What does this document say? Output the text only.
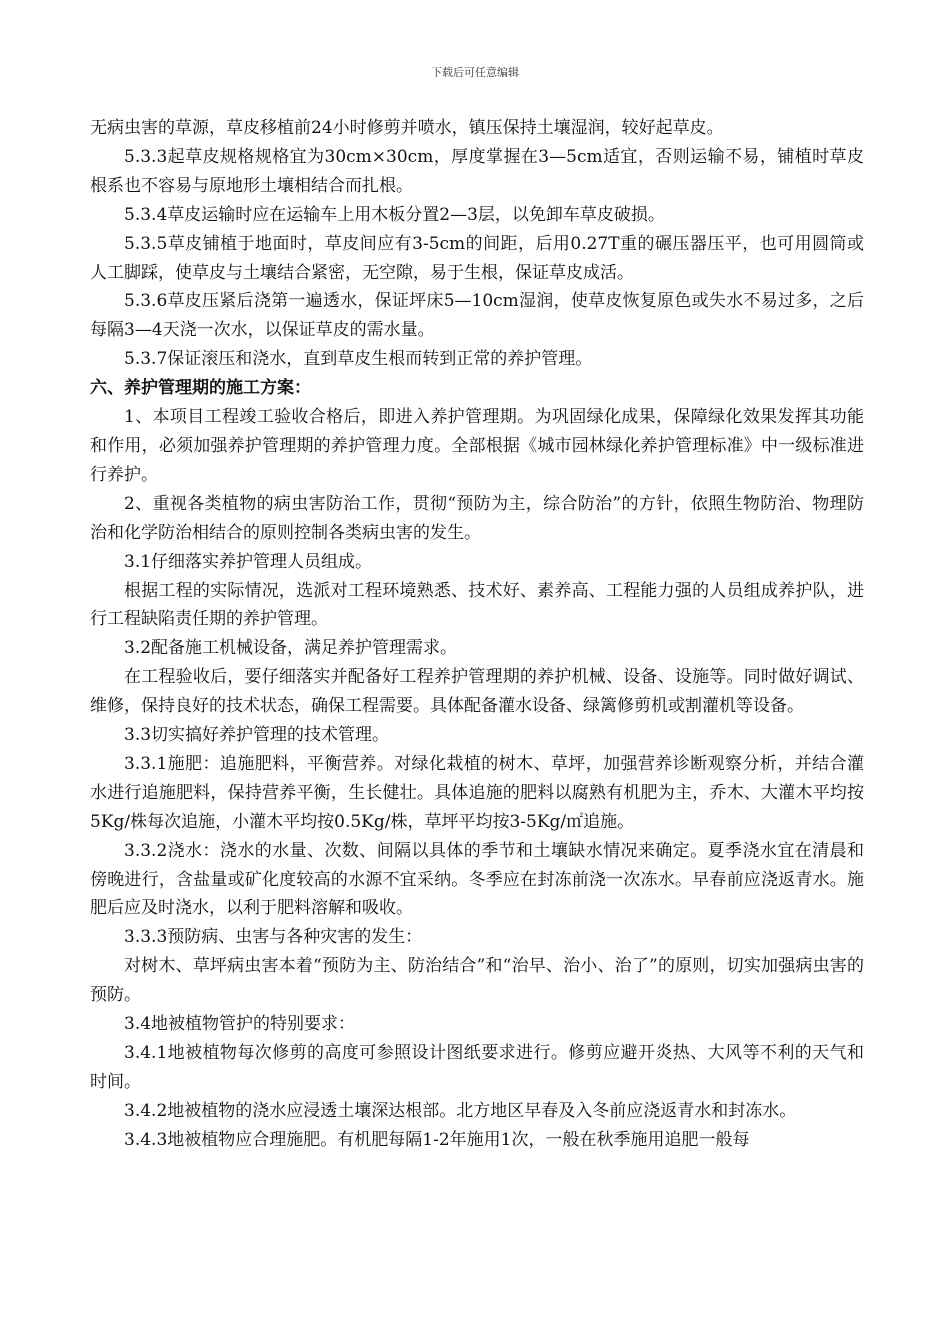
下载后可任意编辑

无病虫害的草源，草皮移植前24小时修剪并喷水，镇压保持土壤湿润，较好起草皮。

5.3.3起草皮规格规格宜为30cm×30cm，厚度掌握在3—5cm适宜，否则运输不易，铺植时草皮根系也不容易与原地形土壤相结合而扎根。

5.3.4草皮运输时应在运输车上用木板分置2—3层，以免卸车草皮破损。

5.3.5草皮铺植于地面时，草皮间应有3-5cm的间距，后用0.27T重的碾压器压平，也可用圆筒或人工脚踩，使草皮与土壤结合紧密，无空隙，易于生根，保证草皮成活。

5.3.6草皮压紧后浇第一遍透水，保证坪床5—10cm湿润，使草皮恢复原色或失水不易过多，之后每隔3—4天浇一次水，以保证草皮的需水量。

5.3.7保证滚压和浇水，直到草皮生根而转到正常的养护管理。

六、养护管理期的施工方案：

1、本项目工程竣工验收合格后，即进入养护管理期。为巩固绿化成果，保障绿化效果发挥其功能和作用，必须加强养护管理期的养护管理力度。全部根据《城市园林绿化养护管理标准》中一级标准进行养护。

2、重视各类植物的病虫害防治工作，贯彻“预防为主，综合防治”的方针，依照生物防治、物理防治和化学防治相结合的原则控制各类病虫害的发生。

3.1仔细落实养护管理人员组成。

根据工程的实际情况，选派对工程环境熟悉、技术好、素养高、工程能力强的人员组成养护队，进行工程缺陷责任期的养护管理。

3.2配备施工机械设备，满足养护管理需求。

在工程验收后，要仔细落实并配备好工程养护管理期的养护机械、设备、设施等。同时做好调试、维修，保持良好的技术状态，确保工程需要。具体配备灌水设备、绿篱修剪机或割灌机等设备。

3.3切实搞好养护管理的技术管理。

3.3.1施肥：追施肥料，平衡营养。对绿化栽植的树木、草坪，加强营养诊断观察分析，并结合灌水进行追施肥料，保持营养平衡，生长健壮。具体追施的肥料以腐熟有机肥为主，乔木、大灌木平均按5Kg/株每次追施，小灌木平均按0.5Kg/株，草坪平均按3-5Kg/㎡追施。

3.3.2浇水：浇水的水量、次数、间隔以具体的季节和土壤缺水情况来确定。夏季浇水宜在清晨和傍晚进行，含盐量或矿化度较高的水源不宜采纳。冬季应在封冻前浇一次冻水。早春前应浇返青水。施肥后应及时浇水，以利于肥料溶解和吸收。

3.3.3预防病、虫害与各种灾害的发生：

对树木、草坪病虫害本着“预防为主、防治结合”和“治早、治小、治了”的原则，切实加强病虫害的预防。

3.4地被植物管护的特别要求：

3.4.1地被植物每次修剪的高度可参照设计图纸要求进行。修剪应避开炎热、大风等不利的天气和时间。

3.4.2地被植物的浇水应浸透土壤深达根部。北方地区早春及入冬前应浇返青水和封冻水。

3.4.3地被植物应合理施肥。有机肥每隔1-2年施用1次，一般在秋季施用追肥一般每
